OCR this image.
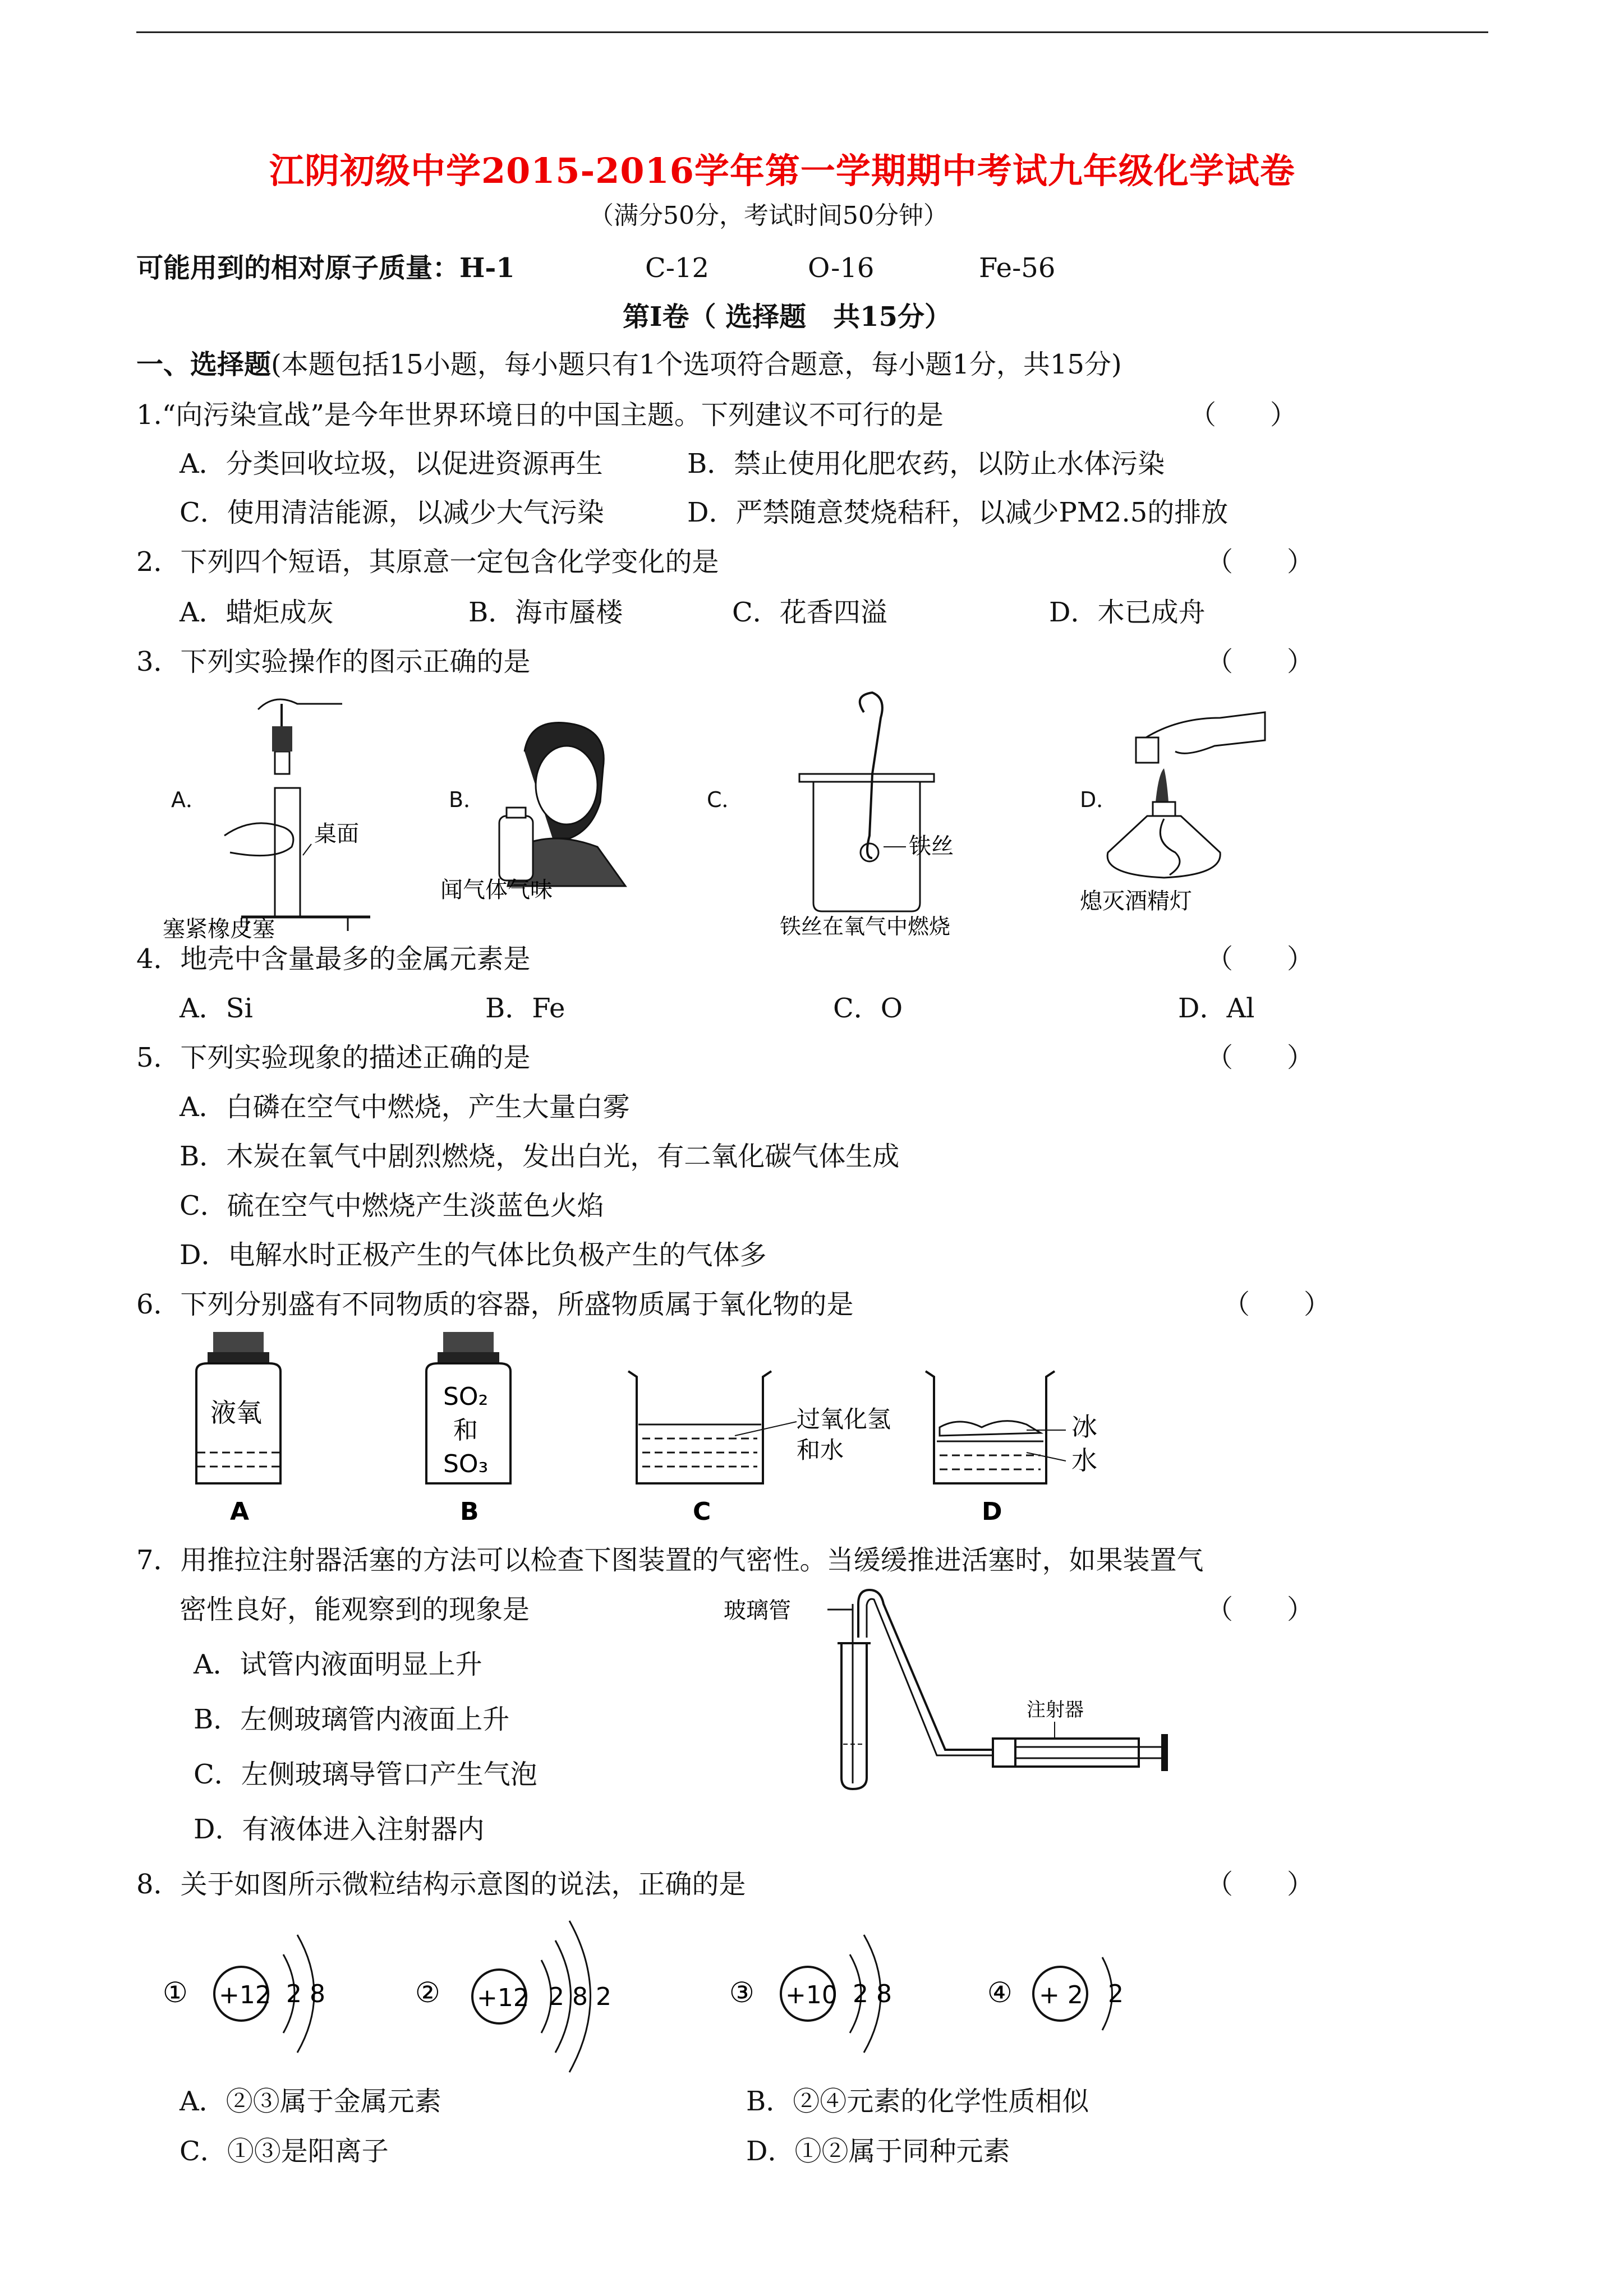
江阴初级中学2015-2016学年第一学期期中考试九年级化学试卷
（满分50分，考试时间50分钟）
可能用到的相对原子质量：H-1	C-12	O-16	Fe-56
第Ⅰ卷（ 选择题　共15分）
一、选择题(本题包括15小题，每小题只有1个选项符合题意，每小题1分，共15分)
1.“向污染宣战”是今年世界环境日的中国主题。下列建议不可行的是	（　　）
A．分类回收垃圾，以促进资源再生	B．禁止使用化肥农药，以防止水体污染
C．使用清洁能源，以减少大气污染	D．严禁随意焚烧秸秆，以减少PM2.5的排放
2．下列四个短语，其原意一定包含化学变化的是	（　　）
A．蜡炬成灰	B．海市蜃楼	C．花香四溢	D．木已成舟
3．下列实验操作的图示正确的是	（　　）
A．	B．	C．	D．
桌面
塞紧橡皮塞
闻气体气味
铁丝
铁丝在氧气中燃烧
熄灭酒精灯
4．地壳中含量最多的金属元素是	（　　）
A．Si	B．Fe	C．O	D．Al
5．下列实验现象的描述正确的是	（　　）
A．白磷在空气中燃烧，产生大量白雾
B．木炭在氧气中剧烈燃烧，发出白光，有二氧化碳气体生成
C．硫在空气中燃烧产生淡蓝色火焰
D．电解水时正极产生的气体比负极产生的气体多
6．下列分别盛有不同物质的容器，所盛物质属于氧化物的是	（　　）
液氧
A
SO₂
和
SO₃
B
过氧化氢
和水
C
冰
水
D
7．用推拉注射器活塞的方法可以检查下图装置的气密性。当缓缓推进活塞时，如果装置气
密性良好，能观察到的现象是	（　　）
A．试管内液面明显上升
B．左侧玻璃管内液面上升
C．左侧玻璃导管口产生气泡
D．有液体进入注射器内
玻璃管
注射器
8．关于如图所示微粒结构示意图的说法，正确的是	（　　）
① +12 2 8	② +12 2 8 2	③ +10 2 8	④ + 2 2
A．②③属于金属元素	B．②④元素的化学性质相似
C．①③是阳离子	D．①②属于同种元素
